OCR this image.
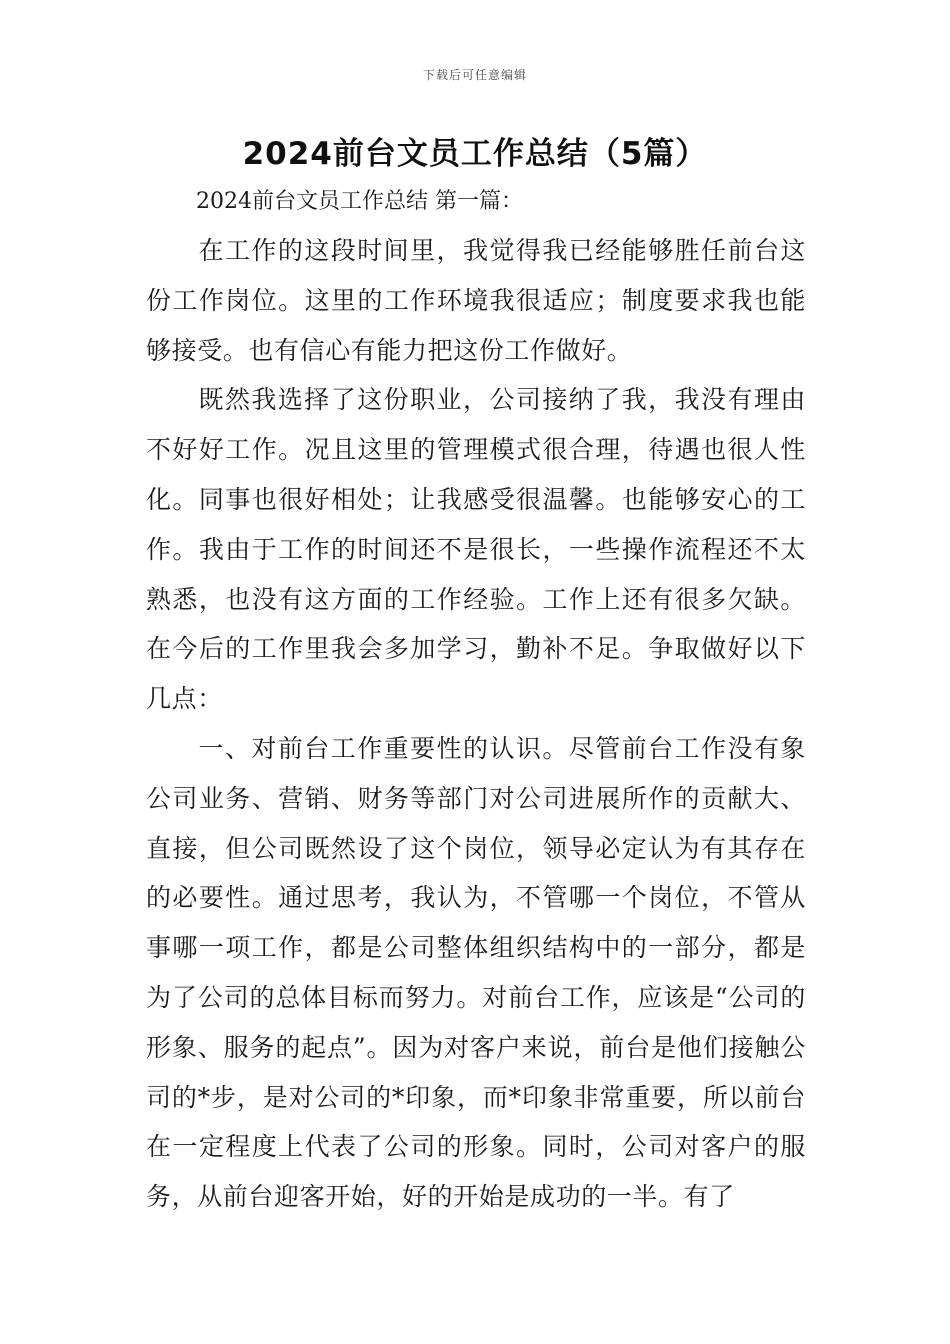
下载后可任意编辑
2024前台文员工作总结（5篇）
2024前台文员工作总结 第一篇：

在工作的这段时间里，我觉得我已经能够胜任前台这份工作岗位。这里的工作环境我很适应；制度要求我也能够接受。也有信心有能力把这份工作做好。

既然我选择了这份职业，公司接纳了我，我没有理由不好好工作。况且这里的管理模式很合理，待遇也很人性化。同事也很好相处；让我感受很温馨。也能够安心的工作。我由于工作的时间还不是很长，一些操作流程还不太熟悉，也没有这方面的工作经验。工作上还有很多欠缺。在今后的工作里我会多加学习，勤补不足。争取做好以下几点：

一、对前台工作重要性的认识。尽管前台工作没有象公司业务、营销、财务等部门对公司进展所作的贡献大、直接，但公司既然设了这个岗位，领导必定认为有其存在的必要性。通过思考，我认为，不管哪一个岗位，不管从事哪一项工作，都是公司整体组织结构中的一部分，都是为了公司的总体目标而努力。对前台工作，应该是“公司的形象、服务的起点”。因为对客户来说，前台是他们接触公司的*步，是对公司的*印象，而*印象非常重要，所以前台在一定程度上代表了公司的形象。同时，公司对客户的服务，从前台迎客开始，好的开始是成功的一半。有了
